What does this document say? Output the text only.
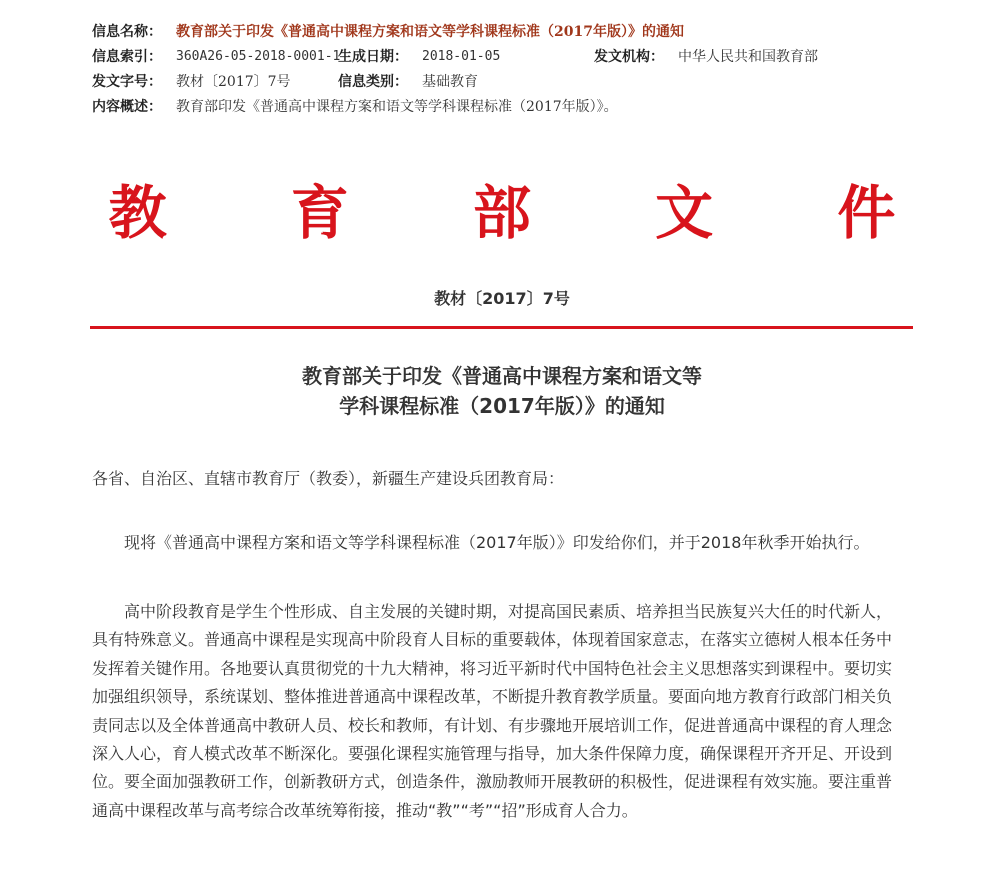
信息名称： 教育部关于印发《普通高中课程方案和语文等学科课程标准（2017年版）》的通知
信息索引： 360A26-05-2018-0001-1
生成日期： 2018-01-05	发文机构： 中华人民共和国教育部
发文字号： 教材〔2017〕7号	信息类别： 基础教育
内容概述： 教育部印发《普通高中课程方案和语文等学科课程标准（2017年版）》。
教 育 部 文 件
教材〔2017〕7号
教育部关于印发《普通高中课程方案和语文等
学科课程标准（2017年版）》的通知
各省、自治区、直辖市教育厅（教委），新疆生产建设兵团教育局：
现将《普通高中课程方案和语文等学科课程标准（2017年版）》印发给你们，并于2018年秋季开始执行。
高中阶段教育是学生个性形成、自主发展的关键时期，对提高国民素质、培养担当民族复兴大任的时代新人，
具有特殊意义。普通高中课程是实现高中阶段育人目标的重要载体，体现着国家意志，在落实立德树人根本任务中
发挥着关键作用。各地要认真贯彻党的十九大精神，将习近平新时代中国特色社会主义思想落实到课程中。要切实
加强组织领导，系统谋划、整体推进普通高中课程改革，不断提升教育教学质量。要面向地方教育行政部门相关负
责同志以及全体普通高中教研人员、校长和教师，有计划、有步骤地开展培训工作，促进普通高中课程的育人理念
深入人心，育人模式改革不断深化。要强化课程实施管理与指导，加大条件保障力度，确保课程开齐开足、开设到
位。要全面加强教研工作，创新教研方式，创造条件，激励教师开展教研的积极性，促进课程有效实施。要注重普
通高中课程改革与高考综合改革统筹衔接，推动“教”“考”“招”形成育人合力。
